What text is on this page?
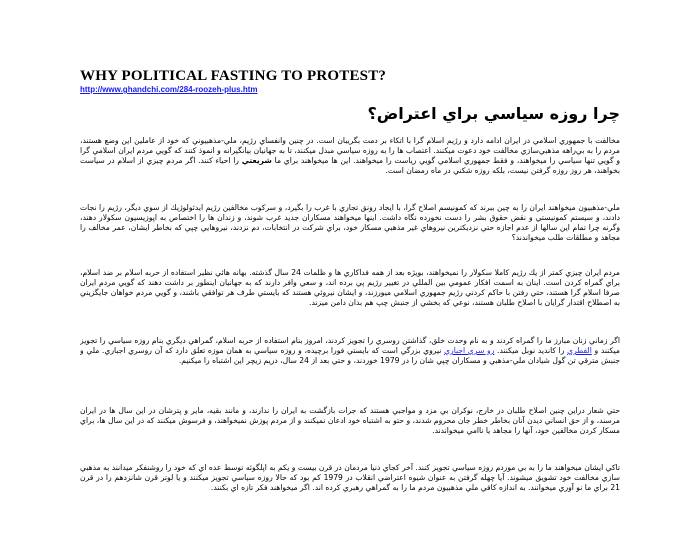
WHY POLITICAL FASTING TO PROTEST?
http://www.ghandchi.com/284-roozeh-plus.htm
چرا روزه سياسي براي اعتراض؟
مخالفت با جمهوري اسلامي در ايران ادامه دارد و رژيم اسلام گرا با اتكاء بر دمت بگريبان است. در چنين وانفساي رژيم، ملي-مذهبيوني كه خود از عاملين اين وضع هستند، مردم را به بي‌راهه مذهبي‌سازي مخالفت خود دعوت ميكنند. اعتصاب ها را به روزه سياسي مبدل ميكنند، تا به جهانيان بيانگيرانه و انموذ كنند كه گويي مردم ايران اسلامي گرا و گويي تنها سياسي را ميخواهند، و فقط جمهوري اسلامي گويي رياست را ميخواهند. اين ها ميخواهند براي ما شريعتي را احياء كنند. اگر مردم چيزي از اسلام در سياست بخواهند، هر روز روزه گرفتن نيست، بلكه روزه شكني در ماه رمضان است.
ملي-مذهبيون ميخواهند ايران را به چين ببرند كه كمونيسم اصلاح گرا، با ايجاد رونق تجاري با غرب را بگيرد، و سركوب مخالفين رژيم ايدئولوژيك از سوي ديگر، رژيم را نجات دادند، و سيستم كمونيستي و نقض حقوق بشر را دست نخورده نگاه داشت. اينها ميخواهند مسكاران جديد غرب شوند، و زندان ها را اختصاص به اپوزيسيون سكولار دهند، وگرنه چرا تمام اين سالها از عدم اجازه حتي نزديكترين نيروهاي غير مذهبي مسكار خود، براي شركت در انتخابات، دم نزدند، نيروهايي چپي كه بخاطر ايشان، عمر مخالف را مجاهد و مطلقات طلب ميخواندند؟
مردم ايران چيزي كمتر از يك رژيم كاملا سكولار را نميخواهند، بويژه بعد از همه فداكاري ها و ظلمات 24 سال گذشته. بهانه هائي نظير استفاده از حربه اسلام بر ضد اسلام، براي گمراه كردن است. اينان به اسمت افكار عمومي بين المللي در تغيير رژيم پي برده اند، و سعي وافر دارند كه به جهانيان اينطور بر داشت دهند كه گويي مردم ايران صرفا اسلام گرا هستند، حتي رفتن با حاكم كردني رژيم جمهوري اسلامي ميورزند، و ايشان نيروئي هستند كه بايستي طرف هر توافقي باشند، و گويي مردم خواهان جايگزيني به اصطلاح اقتدار گرايان با اصلاح طلبان هستند، نوعي كه بخشي از جنبش چپ هم بدان دامن ميزند.
اگر زماني زنان مبارز ما را گمراه كردند و به نام وحدت خلق، گذاشتن روسري را تجويز كردند، امروز بنام استفاده از حربه اسلام، گمراهي ديگري بنام روزه سياسي را تجويز ميكنند و الفطري را كانديد نوبل ميكنند. رو سري اجباري نيروي بزرگي است كه بايستي فورا برچيده، و روزه سياسي به همان موزه تعلق دارد كه آن روسري اجباري. ملي و جنبش مترقي تن گول شيادان ملي-مذهبي و مسكاران چپي شان را در 1979 خوردند، و حتي بعد از 24 سال، دريم زيچر اين اشتباه را ميكنيم.
حتي شعار دراين چنين اصلاح طلبان در خارج، نوكران بي مزد و مواجبي هستند كه جرات بازگشت به ايران را ندارند، و مانند بقيه، ماير و پترشان در اين سال ها در ايران مرسند، و از حق انساني ديدن آنان بخاطر خطر جان محروم شدند، و حتو به اشتباه خود ادعان نميكنند و از مردم پوزش نميخواهند، و فرسوش ميكنند كه در اين سال ها، براي مسكار كردن مخالفين خود، آنها را مجاهد يا ناامي ميخواندند.
تاكي ايشان ميخواهند ما را به بي موردم روزه سياسي تجويز كنند. آخر كجاي دنيا مردمان در قرن بيست و يكم به اپلگوئه توسط عده اي كه خود را روشنفكر ميدانند به مذهبي سازي مخالفت خود تشويق ميشوند. آيا چهله گرفتن به عنوان شيوه اعتراضي انقلاب در 1979 كم بود كه حالا روزه سياسي تجويز ميكنند و يا لوتر قرن شانزدهم را در قرن 21 براي ما نو آوري ميخوانند. به اندازه كافي ملي مذهبيون مردم ما را به گمراهي رهبري كرده اند. اگر ميخواهند فكر تازه اي بكنند.
